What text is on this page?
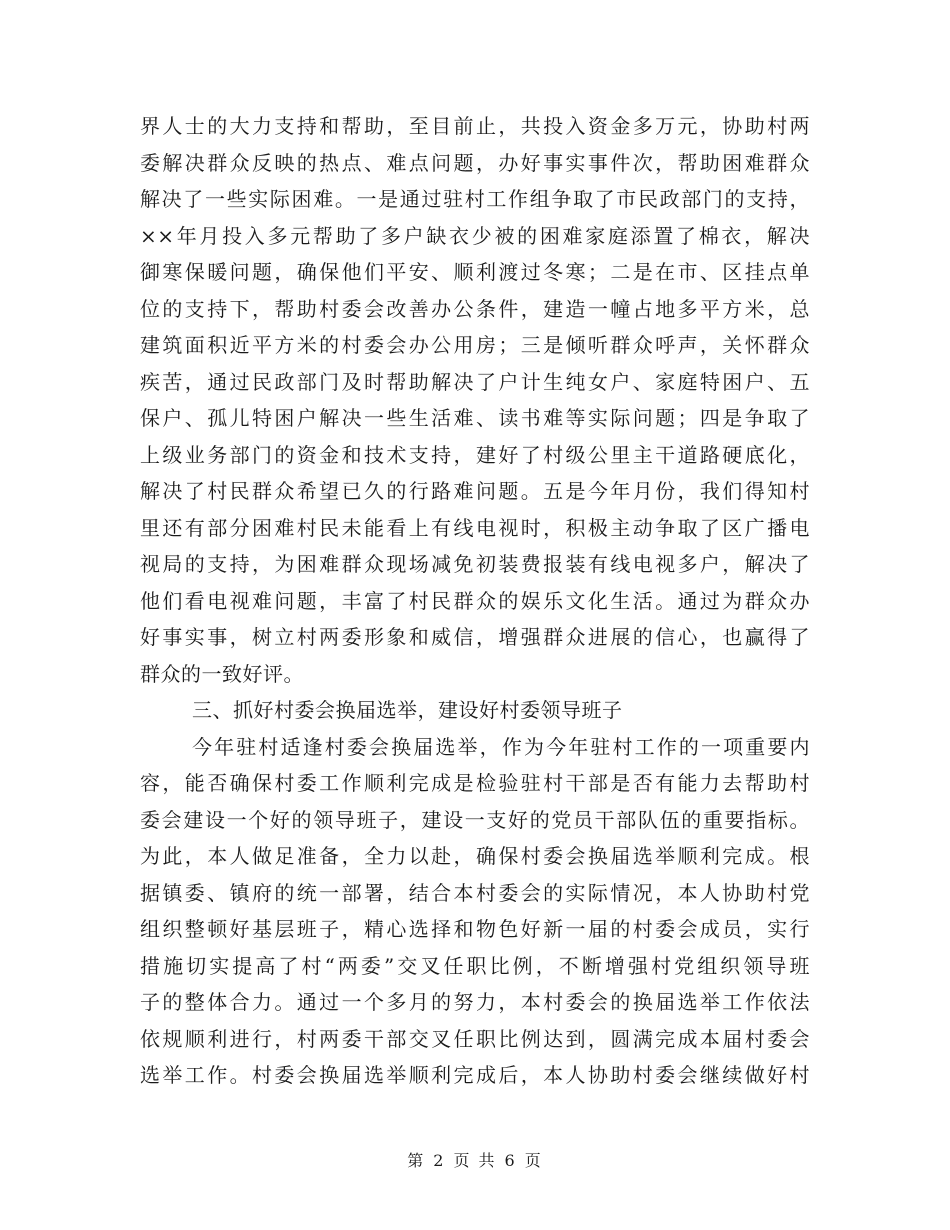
界人士的大力支持和帮助，至目前止，共投入资金多万元，协助村两
委解决群众反映的热点、难点问题，办好事实事件次，帮助困难群众
解决了一些实际困难。一是通过驻村工作组争取了市民政部门的支持，
××年月投入多元帮助了多户缺衣少被的困难家庭添置了棉衣，解决
御寒保暖问题，确保他们平安、顺利渡过冬寒；二是在市、区挂点单
位的支持下，帮助村委会改善办公条件，建造一幢占地多平方米，总
建筑面积近平方米的村委会办公用房；三是倾听群众呼声，关怀群众
疾苦，通过民政部门及时帮助解决了户计生纯女户、家庭特困户、五
保户、孤儿特困户解决一些生活难、读书难等实际问题；四是争取了
上级业务部门的资金和技术支持，建好了村级公里主干道路硬底化，
解决了村民群众希望已久的行路难问题。五是今年月份，我们得知村
里还有部分困难村民未能看上有线电视时，积极主动争取了区广播电
视局的支持，为困难群众现场减免初装费报装有线电视多户，解决了
他们看电视难问题，丰富了村民群众的娱乐文化生活。通过为群众办
好事实事，树立村两委形象和威信，增强群众进展的信心，也赢得了
群众的一致好评。
三、抓好村委会换届选举，建设好村委领导班子
今年驻村适逢村委会换届选举，作为今年驻村工作的一项重要内
容，能否确保村委工作顺利完成是检验驻村干部是否有能力去帮助村
委会建设一个好的领导班子，建设一支好的党员干部队伍的重要指标。
为此，本人做足准备，全力以赴，确保村委会换届选举顺利完成。根
据镇委、镇府的统一部署，结合本村委会的实际情况，本人协助村党
组织整顿好基层班子，精心选择和物色好新一届的村委会成员，实行
措施切实提高了村“两委”交叉任职比例，不断增强村党组织领导班
子的整体合力。通过一个多月的努力，本村委会的换届选举工作依法
依规顺利进行，村两委干部交叉任职比例达到，圆满完成本届村委会
选举工作。村委会换届选举顺利完成后，本人协助村委会继续做好村
第 2 页 共 6 页
